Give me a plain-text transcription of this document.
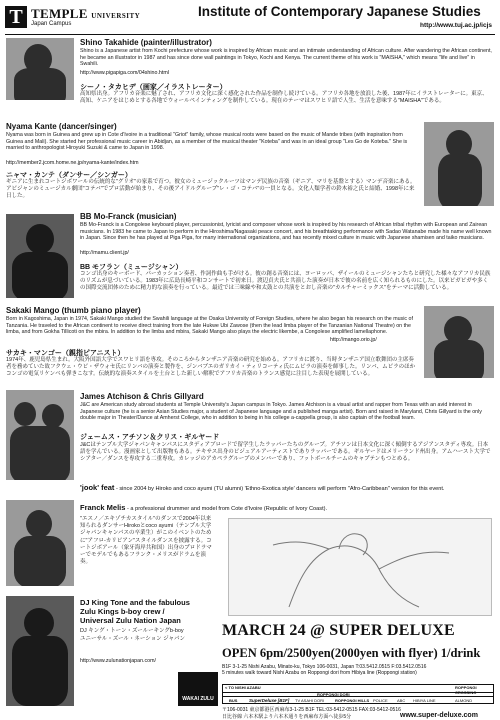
T TEMPLE UNIVERSITY
Japan Campus
Institute of Contemporary Japanese Studies
http://www.tuj.ac.jp/icjs
Shino Takahide (painter/illustrator)
Shino is a Japanese artist from Kochi prefecture whose work is inspired by African music and an intimate understanding of African culture. After wandering the African continent, he became an illustrator in 1987 and has since done wall paintings in Tokyo, Kochi and Kenya. The current theme of his work is "MAISHA," which means "life and live" in Swahili.
http://www.pigapiga.com/04shino.html
シーノ・タカヒデ（画家／イラストレーター）
高知県出身。アフリカ音楽に魅了され、アフリカ文化に深く感化された作品を制作し続けている。アフリカ各地を放浪した後、1987年にイラストレーターに。東京、高知、ケニアをはじめとする各地でウォールペインティングを制作している。現在のテーマはスワヒリ語で人生、生活を意味する"MAISHA"である。
Nyama Kante (dancer/singer)
Nyama was born in Guinea and grew up in Cote d'Ivoire in a traditional "Griot" family, whose musical roots were based on the music of Mande tribes (with inspiration from Guinea and Mali). She started her professional music career in Abidjan, as a member of the musical theater "Koteba" and was in an ideal group "Les Go de Koteba." She is married to anthropologist Hiroyuki Suzuki & came to Japan in 1998.
http://member2.jcom.home.ne.jp/nyama-kante/index.htm
ニャマ・カンテ（ダンサー／シンガー）
ギニアに生まれコートジボワールの伝統的な"グリオ"の家系で育つ。彼女のミュージックルーツはマンデ民族の音楽（ギニア、マリを基盤とする）マンデ音楽にある。アビジャンのミュージカル劇団"コテバ"でプロ活動が始まり、その後アイドルグループ"レ・ゴ・コテバ"の一員となる。文化人類学者の鈴木裕之氏と結婚、1998年に来日した。
BB Mo-Franck (musician)
BB Mo-Franck is a Congolese keyboard player, percussionist, lyricist and composer whose work is inspired by his research of African tribal rhythm with European and Zairean musicians. In 1983 he came to Japan to perform in the Hiroshima/Nagasaki peace concert, and his breathtaking performance with Sadao Watanabe made his name well known in Japan. Since then he has played at Piga Piga, for many international organizations, and has recently mixed culture in music with Japanese shamisen and taiko musicians.
http://mamu.client.jp/
BB モフラン（ミュージシャン）
コンゴ出身のキーボード、パーカッション奏者、作詞作曲も手がける。彼の創る音楽には、ヨーロッパ、ザイールのミュージシャンたちと研究した様々なアフリカ民族のリズムが息づいている。1983年に広島長崎平和コンサートで初来日。渡辺貞夫氏と共演した演奏が日本で彼の名前を広く知られるものにした。以来ピガピガや多くの国際交流団体のために精力的な演奏を行っている。最近では三味線や和太鼓との共演をとおし音楽の"カルチャーミックス"をテーマに活動している。
Sakaki Mango (thumb piano player)
Born in Kagoshima, Japan in 1974, Sakaki Mango studied the Swahili language at the Osaka University of Foreign Studies, where he also began his research on the music of Tanzania. He traveled to the African continent to receive direct training from the late Hukwe Ubi Zawose (then the lead limba player of the Tanzanian National Theatre) on the limba, and from Gokha Tillicoti on the mbira. In addition to the limba and mbira, Sakaki Mango also plays the electric likembe, a Congolese amplified lamellaphone.
http://mango.orio.jp/
サカキ・マンゴー（親指ピアニスト）
1974年、鹿児島県生まれ。大阪外国語大学でスワヒリ語を専攻。そのころからタンザニア音楽の研究を始める。アフリカに渡り、当時タンザニア国立歌舞団の主席奏者を務めていた故フクウェ・ウビ・ザウォセ氏にリンバの演奏と製作を、ジンバブエのガリカイ・ティリコーティ氏にムビラの演奏を師事した。リンバ、ムビラのほかコンゴの電気リケンベも弾きこなす。伝統的な演奏スタイルを土台とした新しい解釈でアフリカ音楽のトランス感覚に注目した表現を展開している。
James Atchison & Chris Gillyard
J&C are American study abroad students at Temple University's Japan campus in Tokyo. James Atchison is a visual artist and rapper from Texas with an avid interest in Japanese culture (he is a senior Asian Studies major, a student of Japanese language and a published manga artist). Born and raised in Maryland, Chris Gillyard is the only double major in Theater/Dance at Amherst College, who in addition to being in his college a-cappella group, is also captain of the football team.
ジェームス・アチソン＆クリス・ギルヤード
J&Cはテンプル大学ジャパンキャンパスにスタディアブロードで留学生したラッパーたちのグループ。アチソンは日本文化に深く傾倒するアジアンスタディ専攻。日本語を学んでいる。漫画家として出版物もある。テキサス出身のビジュアルアーティストでありラッパーである。ギルヤードはメリーランド州出身。アムハースト大学でシアター／ダンスを専攻する二重専攻。カレッジのアカペラグループのメンバーであり、フットボールチームのキャプテンもつとめる。
'jook' feat - since 2004 by Hiroko and coco ayumi (TU alumni) 'Ethno-Exotica style' dancers will perform "Afro-Caribbean" version for this event.
Franck Melis - a professional drummer and model from Cote d'Ivoire (Republic of Ivory Coast).
"エスノ／エキゾチカスタイル"のダンスで2004年以来知られるダンサーHirokoとcoco ayumi（テンプル大学ジャパンキャンパスの卒業生）がこのイベントのために"アフロ-カリビアン"スタイルダンスを披露する。コートジボアール（象牙海岸共和国）出身のプロドラマーでモデルでもあるフランク・メリスがドラムを演奏。
DJ King Tone and the fabulous
Zulu Kings b-boy crew /
Universal Zulu Nation Japan
DJ キング・トーン・ズールーキングb-boy
ユニーサル・ズール・ネーション ジャパン
http://www.zulunationjapan.com/
WAKAI ZULU
MARCH 24 @ SUPER DELUXE
OPEN 6pm/2500yen(2000yen with flyer) 1/drink
B1F 3-1-25 Nishi Azabu, Minato-ku, Tokyo 106-0031, Japan T:03.5412.0515 F:03.5412.0516
5 minutes walk toward Nishi Azabu on Roppongi dori from Hibiya line (Roppongi station)
< TO NISHI AZABU
ROPPONGI DORI
ROPPONGI CROSSING
BUS	SuperDeluxe [B1F] TV ASAHI DORI	ROPPONGI HILLS POLICE ABC HIBIYA LINE	ALMOND
〒106-0031 東京都港区西麻布3-1-25 B1F TEL:03-5412-0515 FAX:03-5412-0516
日比谷線 六本木駅より六本木通りを西麻布方面へ徒歩5分	www.super-deluxe.com
